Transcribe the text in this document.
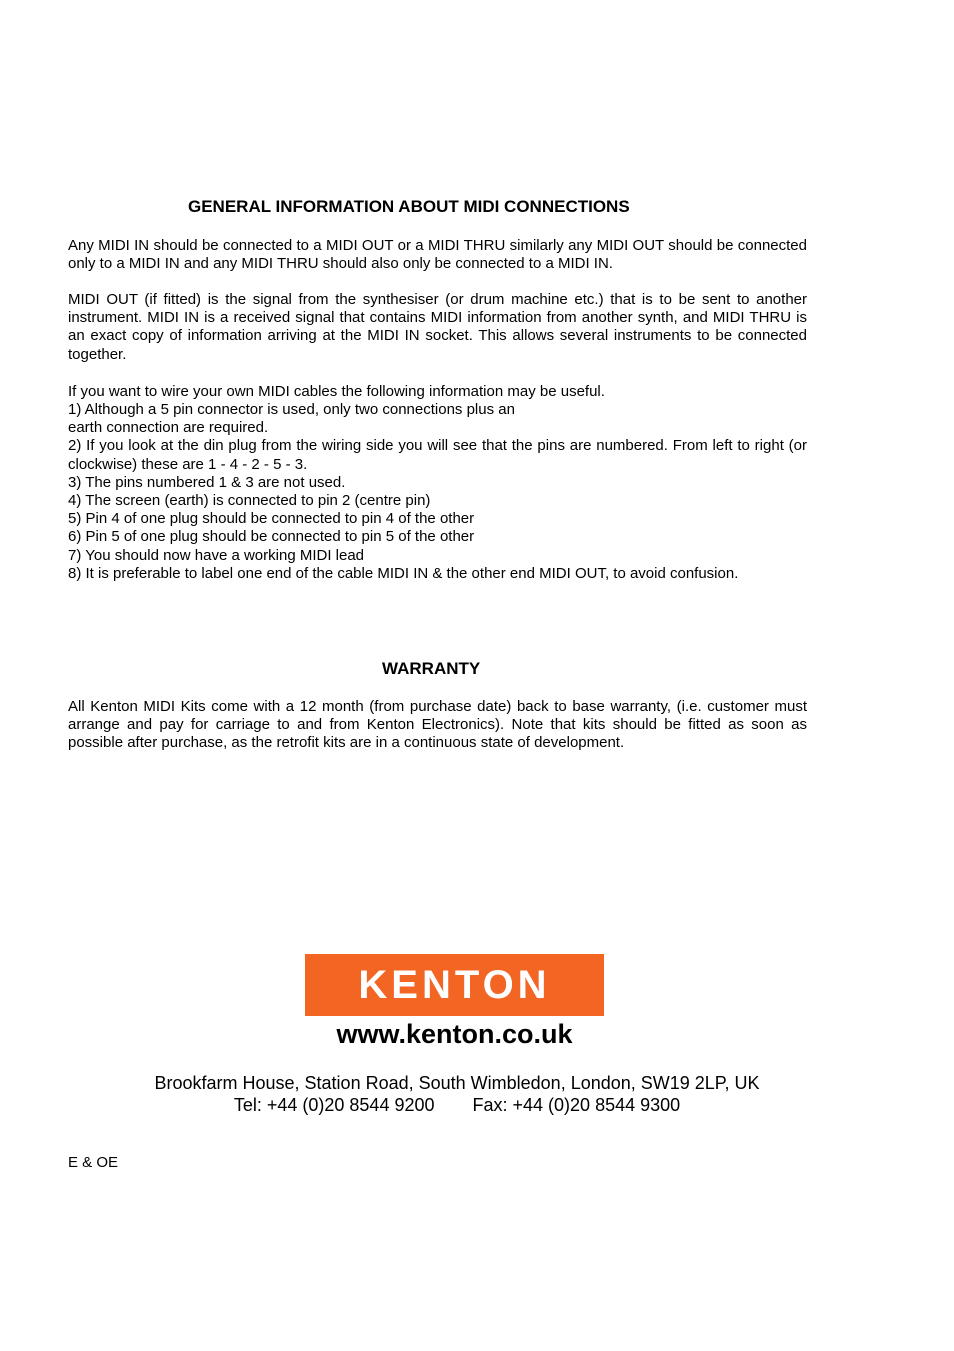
GENERAL INFORMATION ABOUT MIDI CONNECTIONS

Any MIDI IN should be connected to a MIDI OUT or a MIDI THRU similarly any MIDI OUT should be connected only to a MIDI IN and any MIDI THRU should also only be connected to a MIDI IN.

MIDI OUT (if fitted) is the signal from the synthesiser (or drum machine etc.) that is to be sent to another instrument. MIDI IN is a received signal that contains MIDI information from another synth, and MIDI THRU is an exact copy of information arriving at the MIDI IN socket. This allows several instruments to be connected together.

If you want to wire your own MIDI cables the following information may be useful.

1) Although a 5 pin connector is used, only two connections plus an
earth connection are required.
2) If you look at the din plug from the wiring side you will see that the pins are numbered. From left to right (or clockwise) these are 1 - 4 - 2 - 5 - 3.
3) The pins numbered 1 & 3 are not used.
4) The screen (earth) is connected to pin 2 (centre pin)
5) Pin 4 of one plug should be connected to pin 4 of the other
6) Pin 5 of one plug should be connected to pin 5 of the other
7) You should now have a working MIDI lead
8) It is preferable to label one end of the cable MIDI IN & the other end MIDI OUT, to avoid confusion.
WARRANTY

All Kenton MIDI Kits come with a 12 month (from purchase date) back to base warranty, (i.e. customer must arrange and pay for carriage to and from Kenton Electronics). Note that kits should be fitted as soon as possible after purchase, as the retrofit kits are in a continuous state of development.

KENTON

www.kenton.co.uk

Brookfarm House, Station Road, South Wimbledon, London, SW19 2LP, UK

Tel: +44 (0)20 8544 9200 Fax: +44 (0)20 8544 9300

E & OE
